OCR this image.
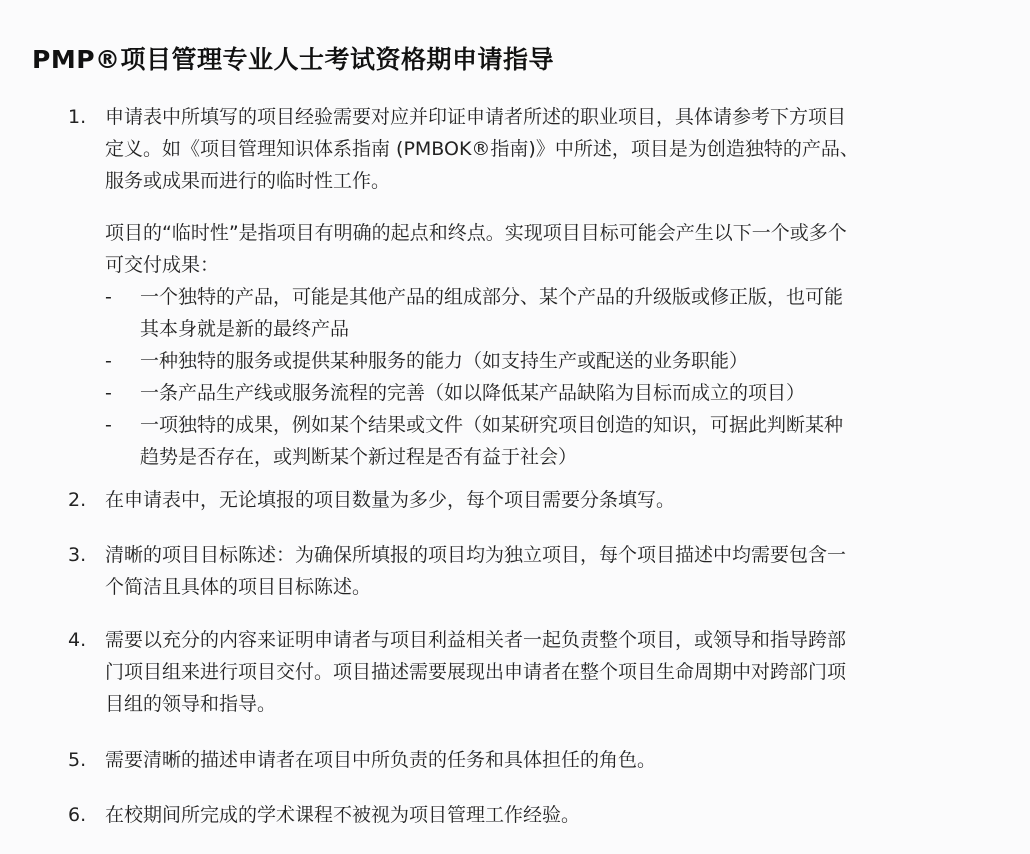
PMP®项目管理专业人士考试资格期申请指导
1. 申请表中所填写的项目经验需要对应并印证申请者所述的职业项目，具体请参考下方项目
定义。如《项目管理知识体系指南 (PMBOK®指南)》中所述，项目是为创造独特的产品、
服务或成果而进行的临时性工作。
项目的“临时性”是指项目有明确的起点和终点。实现项目目标可能会产生以下一个或多个
可交付成果：
- 一个独特的产品，可能是其他产品的组成部分、某个产品的升级版或修正版，也可能
其本身就是新的最终产品
- 一种独特的服务或提供某种服务的能力（如支持生产或配送的业务职能）
- 一条产品生产线或服务流程的完善（如以降低某产品缺陷为目标而成立的项目）
- 一项独特的成果，例如某个结果或文件（如某研究项目创造的知识，可据此判断某种
趋势是否存在，或判断某个新过程是否有益于社会）
2. 在申请表中，无论填报的项目数量为多少，每个项目需要分条填写。
3. 清晰的项目目标陈述：为确保所填报的项目均为独立项目，每个项目描述中均需要包含一
个简洁且具体的项目目标陈述。
4. 需要以充分的内容来证明申请者与项目利益相关者一起负责整个项目，或领导和指导跨部
门项目组来进行项目交付。项目描述需要展现出申请者在整个项目生命周期中对跨部门项
目组的领导和指导。
5. 需要清晰的描述申请者在项目中所负责的任务和具体担任的角色。
6. 在校期间所完成的学术课程不被视为项目管理工作经验。
